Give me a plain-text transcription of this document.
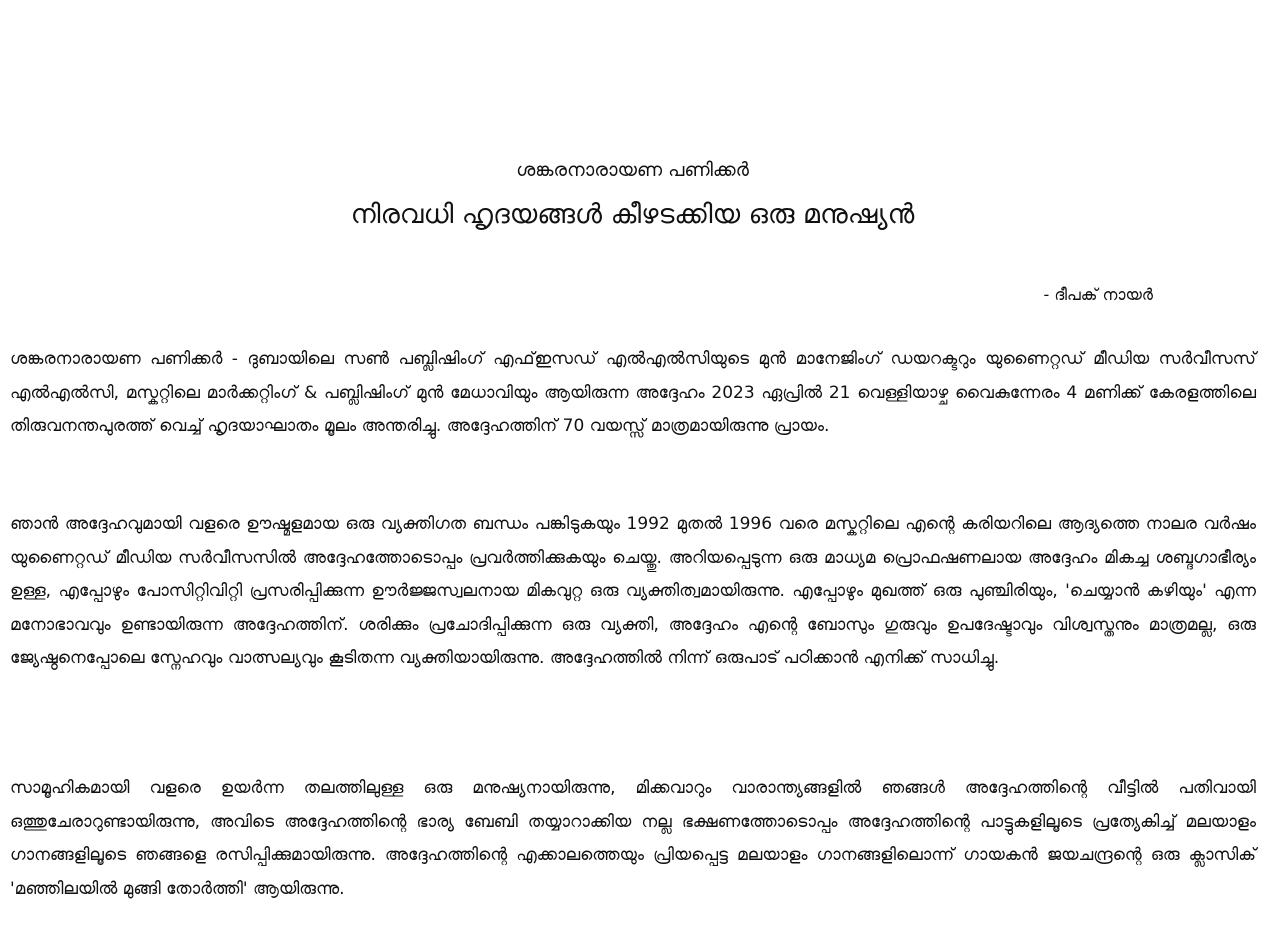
ശങ്കരനാരായണ പണിക്കർ
നിരവധി ഹൃദയങ്ങൾ കീഴടക്കിയ ഒരു മനുഷ്യൻ
- ദീപക് നായർ

ശങ്കരനാരായണ പണിക്കർ - ദുബായിലെ സൺ പബ്ലിഷിംഗ് എഫ്ഇസഡ് എൽഎൽസിയുടെ മുൻ മാനേജിംഗ് ഡയറക്ടറും യുണൈറ്റഡ് മീഡിയ സർവീസസ് എൽഎൽസി, മസ്കറ്റിലെ മാർക്കറ്റിംഗ് & പബ്ലിഷിംഗ് മുൻ മേധാവിയും ആയിരുന്ന അദ്ദേഹം 2023 ഏപ്രിൽ 21 വെള്ളിയാഴ്ച വൈകുന്നേരം 4 മണിക്ക് കേരളത്തിലെ തിരുവനന്തപുരത്ത് വെച്ച് ഹൃദയാഘാതം മൂലം അന്തരിച്ചു. അദ്ദേഹത്തിന് 70 വയസ്സ് മാത്രമായിരുന്നു പ്രായം.

ഞാൻ അദ്ദേഹവുമായി വളരെ ഊഷ്മളമായ ഒരു വ്യക്തിഗത ബന്ധം പങ്കിടുകയും 1992 മുതൽ 1996 വരെ മസ്കറ്റിലെ എന്റെ കരിയറിലെ ആദ്യത്തെ നാലര വർഷം യുണൈറ്റഡ് മീഡിയ സർവീസസിൽ അദ്ദേഹത്തോടൊപ്പം പ്രവർത്തിക്കുകയും ചെയ്തു. അറിയപ്പെടുന്ന ഒരു മാധ്യമ പ്രൊഫഷണലായ അദ്ദേഹം മികച്ച ശബ്ദഗാഭീര്യം ഉള്ള, എപ്പോഴും പോസിറ്റിവിറ്റി പ്രസരിപ്പിക്കുന്ന ഊർജ്ജസ്വലനായ മികവുറ്റ ഒരു വ്യക്തിത്വമായിരുന്നു. എപ്പോഴും മുഖത്ത് ഒരു പുഞ്ചിരിയും, 'ചെയ്യാൻ കഴിയും' എന്ന മനോഭാവവും ഉണ്ടായിരുന്ന അദ്ദേഹത്തിന്. ശരിക്കും പ്രചോദിപ്പിക്കുന്ന ഒരു വ്യക്തി, അദ്ദേഹം എന്റെ ബോസും ഗുരുവും ഉപദേഷ്ടാവും വിശ്വസ്തനും മാത്രമല്ല, ഒരു ജ്യേഷ്ഠനെപ്പോലെ സ്നേഹവും വാത്സല്യവും കൂടിതന്ന വ്യക്തിയായിരുന്നു. അദ്ദേഹത്തിൽ നിന്ന് ഒരുപാട് പഠിക്കാൻ എനിക്ക് സാധിച്ചു.

സാമൂഹികമായി വളരെ ഉയർന്ന തലത്തിലുള്ള ഒരു മനുഷ്യനായിരുന്നു, മിക്കവാറും വാരാന്ത്യങ്ങളിൽ ഞങ്ങൾ അദ്ദേഹത്തിന്റെ വീട്ടിൽ പതിവായി ഒത്തുചേരാറുണ്ടായിരുന്നു, അവിടെ അദ്ദേഹത്തിന്റെ ഭാര്യ ബേബി തയ്യാറാക്കിയ നല്ല ഭക്ഷണത്തോടൊപ്പം അദ്ദേഹത്തിന്റെ പാട്ടുകളിലൂടെ പ്രത്യേകിച്ച് മലയാളം ഗാനങ്ങളിലൂടെ ഞങ്ങളെ രസിപ്പിക്കുമായിരുന്നു. അദ്ദേഹത്തിന്റെ എക്കാലത്തെയും പ്രിയപ്പെട്ട മലയാളം ഗാനങ്ങളിലൊന്ന് ഗായകൻ ജയചന്ദ്രന്റെ ഒരു ക്ലാസിക് 'മഞ്ഞിലയിൽ മുങ്ങി തോർത്തി' ആയിരുന്നു.
